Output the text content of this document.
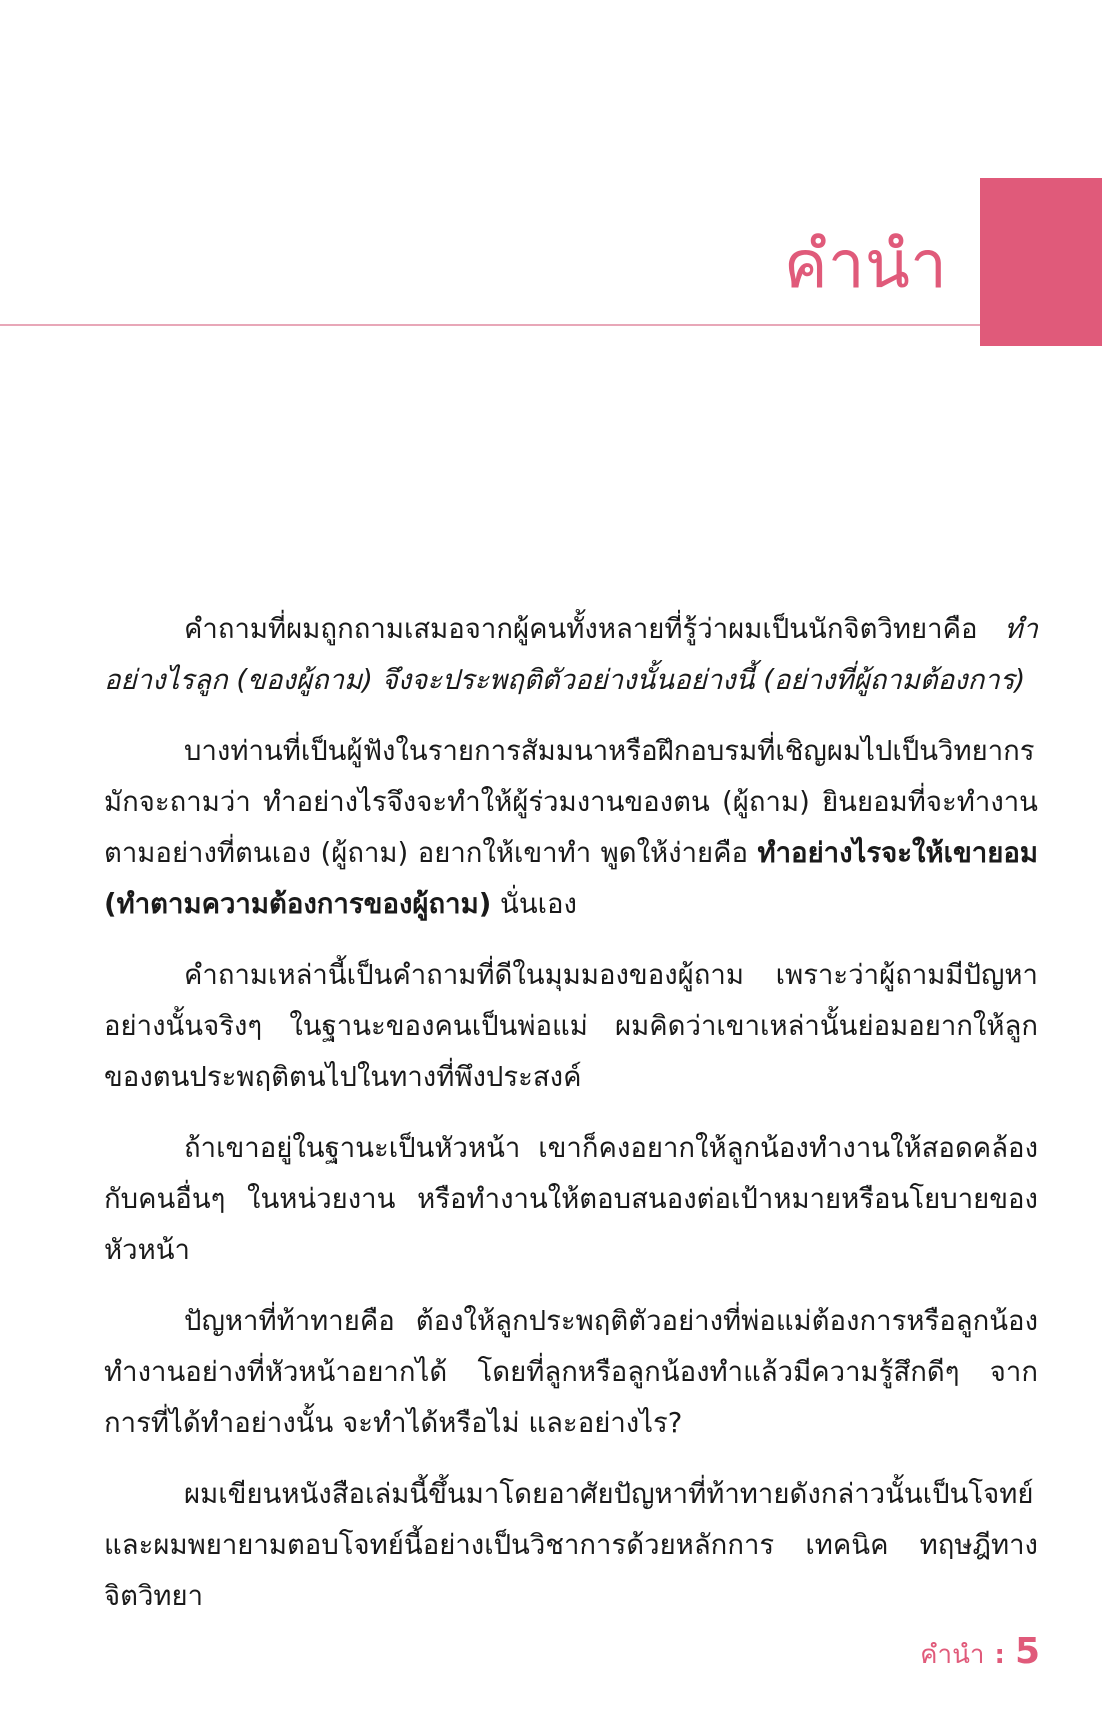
คำนำ

คำถามที่ผมถูกถามเสมอจากผู้คนทั้งหลายที่รู้ว่าผมเป็นนักจิตวิทยาคือ ทำอย่างไรลูก (ของผู้ถาม) จึงจะประพฤติตัวอย่างนั้นอย่างนี้ (อย่างที่ผู้ถามต้องการ)

บางท่านที่เป็นผู้ฟังในรายการสัมมนาหรือฝึกอบรมที่เชิญผมไปเป็นวิทยากรมักจะถามว่า ทำอย่างไรจึงจะทำให้ผู้ร่วมงานของตน (ผู้ถาม) ยินยอมที่จะทำงานตามอย่างที่ตนเอง (ผู้ถาม) อยากให้เขาทำ พูดให้ง่ายคือ ทำอย่างไรจะให้เขายอม (ทำตามความต้องการของผู้ถาม) นั่นเอง

คำถามเหล่านี้เป็นคำถามที่ดีในมุมมองของผู้ถาม เพราะว่าผู้ถามมีปัญหาอย่างนั้นจริงๆ ในฐานะของคนเป็นพ่อแม่ ผมคิดว่าเขาเหล่านั้นย่อมอยากให้ลูกของตนประพฤติตนไปในทางที่พึงประสงค์

ถ้าเขาอยู่ในฐานะเป็นหัวหน้า เขาก็คงอยากให้ลูกน้องทำงานให้สอดคล้องกับคนอื่นๆ ในหน่วยงาน หรือทำงานให้ตอบสนองต่อเป้าหมายหรือนโยบายของหัวหน้า

ปัญหาที่ท้าทายคือ ต้องให้ลูกประพฤติตัวอย่างที่พ่อแม่ต้องการหรือลูกน้องทำงานอย่างที่หัวหน้าอยากได้ โดยที่ลูกหรือลูกน้องทำแล้วมีความรู้สึกดีๆ จากการที่ได้ทำอย่างนั้น จะทำได้หรือไม่ และอย่างไร?

ผมเขียนหนังสือเล่มนี้ขึ้นมาโดยอาศัยปัญหาที่ท้าทายดังกล่าวนั้นเป็นโจทย์ และผมพยายามตอบโจทย์นี้อย่างเป็นวิชาการด้วยหลักการ เทคนิค ทฤษฎีทางจิตวิทยา

คำนำ : 5
